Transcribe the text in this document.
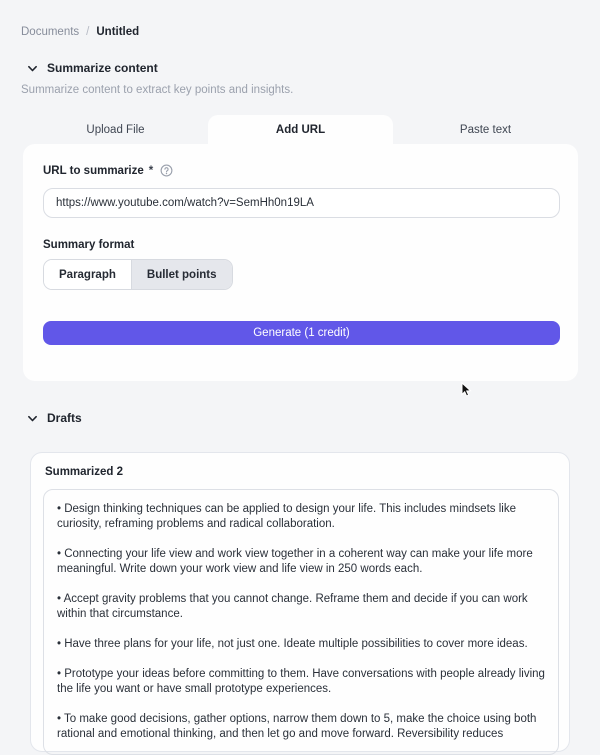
Documents / Untitled
Summarize content
Summarize content to extract key points and insights.
Upload File	Add URL	Paste text
URL to summarize *
https://www.youtube.com/watch?v=SemHh0n19LA
Summary format
Paragraph	Bullet points
Generate (1 credit)
Drafts
Summarized 2

• Design thinking techniques can be applied to design your life. This includes mindsets like curiosity, reframing problems and radical collaboration.

• Connecting your life view and work view together in a coherent way can make your life more meaningful. Write down your work view and life view in 250 words each.

• Accept gravity problems that you cannot change. Reframe them and decide if you can work within that circumstance.

• Have three plans for your life, not just one. Ideate multiple possibilities to cover more ideas.

• Prototype your ideas before committing to them. Have conversations with people already living the life you want or have small prototype experiences.

• To make good decisions, gather options, narrow them down to 5, make the choice using both rational and emotional thinking, and then let go and move forward. Reversibility reduces
